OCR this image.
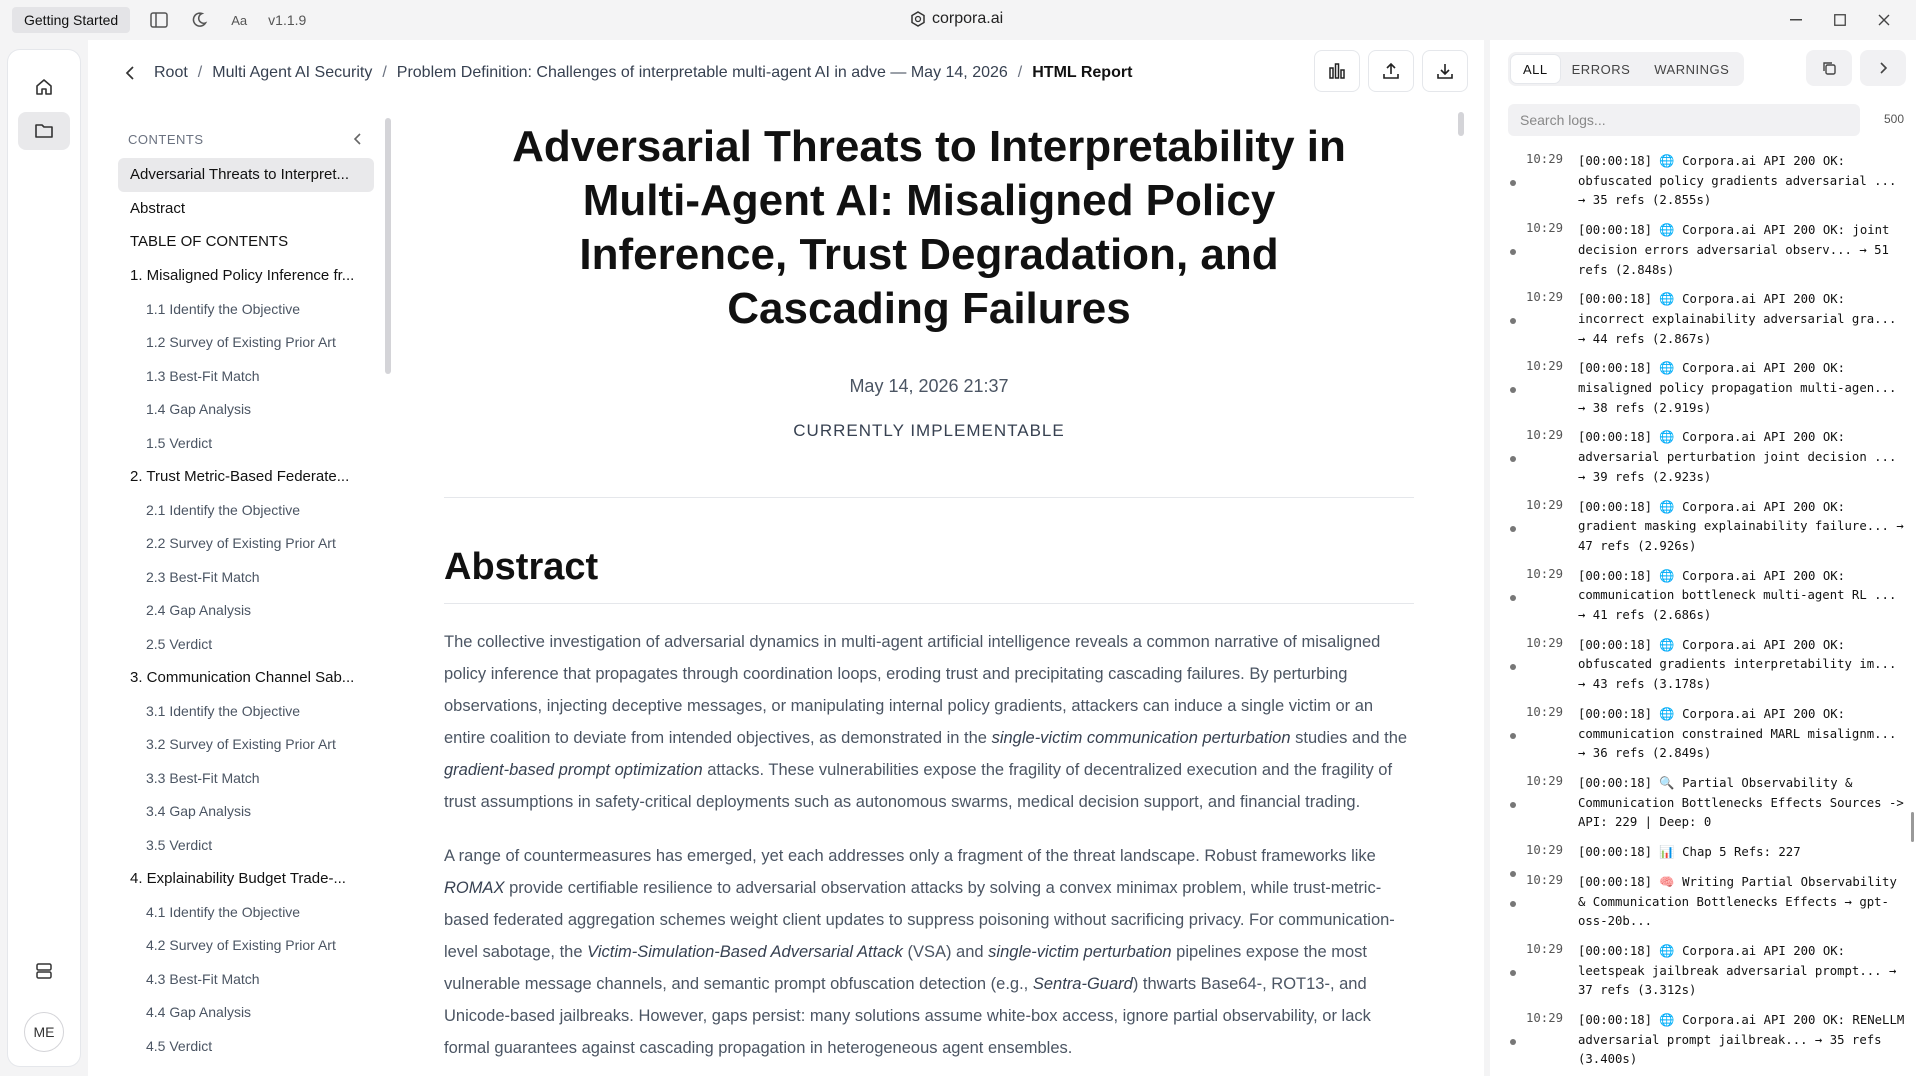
Getting Started	Aa v1.1.9	corpora.ai
ME
Root / Multi Agent AI Security / Problem Definition: Challenges of interpretable multi-agent AI in adve — May 14, 2026 / HTML Report
CONTENTS
Adversarial Threats to Interpret...
Abstract
TABLE OF CONTENTS
1. Misaligned Policy Inference fr...
1.1 Identify the Objective
1.2 Survey of Existing Prior Art
1.3 Best-Fit Match
1.4 Gap Analysis
1.5 Verdict
2. Trust Metric-Based Federate...
2.1 Identify the Objective
2.2 Survey of Existing Prior Art
2.3 Best-Fit Match
2.4 Gap Analysis
2.5 Verdict
3. Communication Channel Sab...
3.1 Identify the Objective
3.2 Survey of Existing Prior Art
3.3 Best-Fit Match
3.4 Gap Analysis
3.5 Verdict
4. Explainability Budget Trade-...
4.1 Identify the Objective
4.2 Survey of Existing Prior Art
4.3 Best-Fit Match
4.4 Gap Analysis
4.5 Verdict
Adversarial Threats to Interpretability in Multi-Agent AI: Misaligned Policy Inference, Trust Degradation, and Cascading Failures
May 14, 2026 21:37
CURRENTLY IMPLEMENTABLE
Abstract

The collective investigation of adversarial dynamics in multi-agent artificial intelligence reveals a common narrative of misaligned policy inference that propagates through coordination loops, eroding trust and precipitating cascading failures. By perturbing observations, injecting deceptive messages, or manipulating internal policy gradients, attackers can induce a single victim or an entire coalition to deviate from intended objectives, as demonstrated in the single-victim communication perturbation studies and the gradient-based prompt optimization attacks. These vulnerabilities expose the fragility of decentralized execution and the fragility of trust assumptions in safety-critical deployments such as autonomous swarms, medical decision support, and financial trading.

A range of countermeasures has emerged, yet each addresses only a fragment of the threat landscape. Robust frameworks like ROMAX provide certifiable resilience to adversarial observation attacks by solving a convex minimax problem, while trust-metric-based federated aggregation schemes weight client updates to suppress poisoning without sacrificing privacy. For communication-level sabotage, the Victim-Simulation-Based Adversarial Attack (VSA) and single-victim perturbation pipelines expose the most vulnerable message channels, and semantic prompt obfuscation detection (e.g., Sentra-Guard) thwarts Base64-, ROT13-, and Unicode-based jailbreaks. However, gaps persist: many solutions assume white-box access, ignore partial observability, or lack formal guarantees against cascading propagation in heterogeneous agent ensembles.

ALL	ERRORS	WARNINGS
Search logs...
500
10:29	[00:00:18] 🌐 Corpora.ai API 200 OK: obfuscated policy gradients adversarial ... → 35 refs (2.855s)
10:29	[00:00:18] 🌐 Corpora.ai API 200 OK: joint decision errors adversarial observ... → 51 refs (2.848s)
10:29	[00:00:18] 🌐 Corpora.ai API 200 OK: incorrect explainability adversarial gra... → 44 refs (2.867s)
10:29	[00:00:18] 🌐 Corpora.ai API 200 OK: misaligned policy propagation multi-agen... → 38 refs (2.919s)
10:29	[00:00:18] 🌐 Corpora.ai API 200 OK: adversarial perturbation joint decision ... → 39 refs (2.923s)
10:29	[00:00:18] 🌐 Corpora.ai API 200 OK: gradient masking explainability failure... → 47 refs (2.926s)
10:29	[00:00:18] 🌐 Corpora.ai API 200 OK: communication bottleneck multi-agent RL ... → 41 refs (2.686s)
10:29	[00:00:18] 🌐 Corpora.ai API 200 OK: obfuscated gradients interpretability im... → 43 refs (3.178s)
10:29	[00:00:18] 🌐 Corpora.ai API 200 OK: communication constrained MARL misalignm... → 36 refs (2.849s)
10:29	[00:00:18] 🔍 Partial Observability & Communication Bottlenecks Effects Sources -> API: 229 | Deep: 0
10:29	[00:00:18] 📊 Chap 5 Refs: 227
10:29	[00:00:18] 🧠 Writing Partial Observability & Communication Bottlenecks Effects → gpt-oss-20b...
10:29	[00:00:18] 🌐 Corpora.ai API 200 OK: leetspeak jailbreak adversarial prompt... → 37 refs (3.312s)
10:29	[00:00:18] 🌐 Corpora.ai API 200 OK: RENeLLM adversarial prompt jailbreak... → 35 refs (3.400s)
